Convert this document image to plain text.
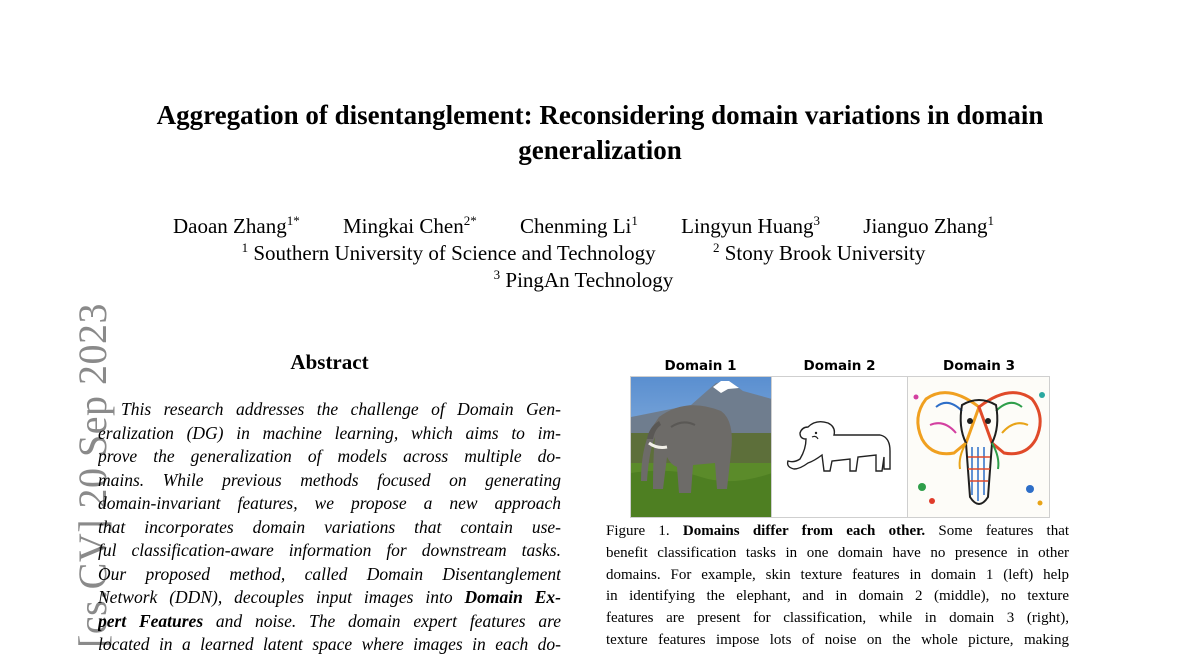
[cs.CV] 20 Sep 2023
Aggregation of disentanglement: Reconsidering domain variations in domain generalization
Daoan Zhang$^{1*}$ Mingkai Chen$^{2*}$ Chenming Li$^1$ Lingyun Huang$^3$ Jianguo Zhang$^1$
$^1$ Southern University of Science and Technology	$^2$ Stony Brook University
$^3$ PingAn Technology
Abstract
This research addresses the challenge of Domain Gen-
eralization (DG) in machine learning, which aims to im-
prove the generalization of models across multiple do-
mains. While previous methods focused on generating
domain-invariant features, we propose a new approach
that incorporates domain variations that contain use-
ful classification-aware information for downstream tasks.
Our proposed method, called Domain Disentanglement
Network (DDN), decouples input images into Domain Ex-
pert Features and noise. The domain expert features are
located in a learned latent space where images in each do-
Domain 1	Domain 2	Domain 3
Figure 1. Domains differ from each other. Some features that
benefit classification tasks in one domain have no presence in other
domains. For example, skin texture features in domain 1 (left) help
in identifying the elephant, and in domain 2 (middle), no texture
features are present for classification, while in domain 3 (right),
texture features impose lots of noise on the whole picture, making
